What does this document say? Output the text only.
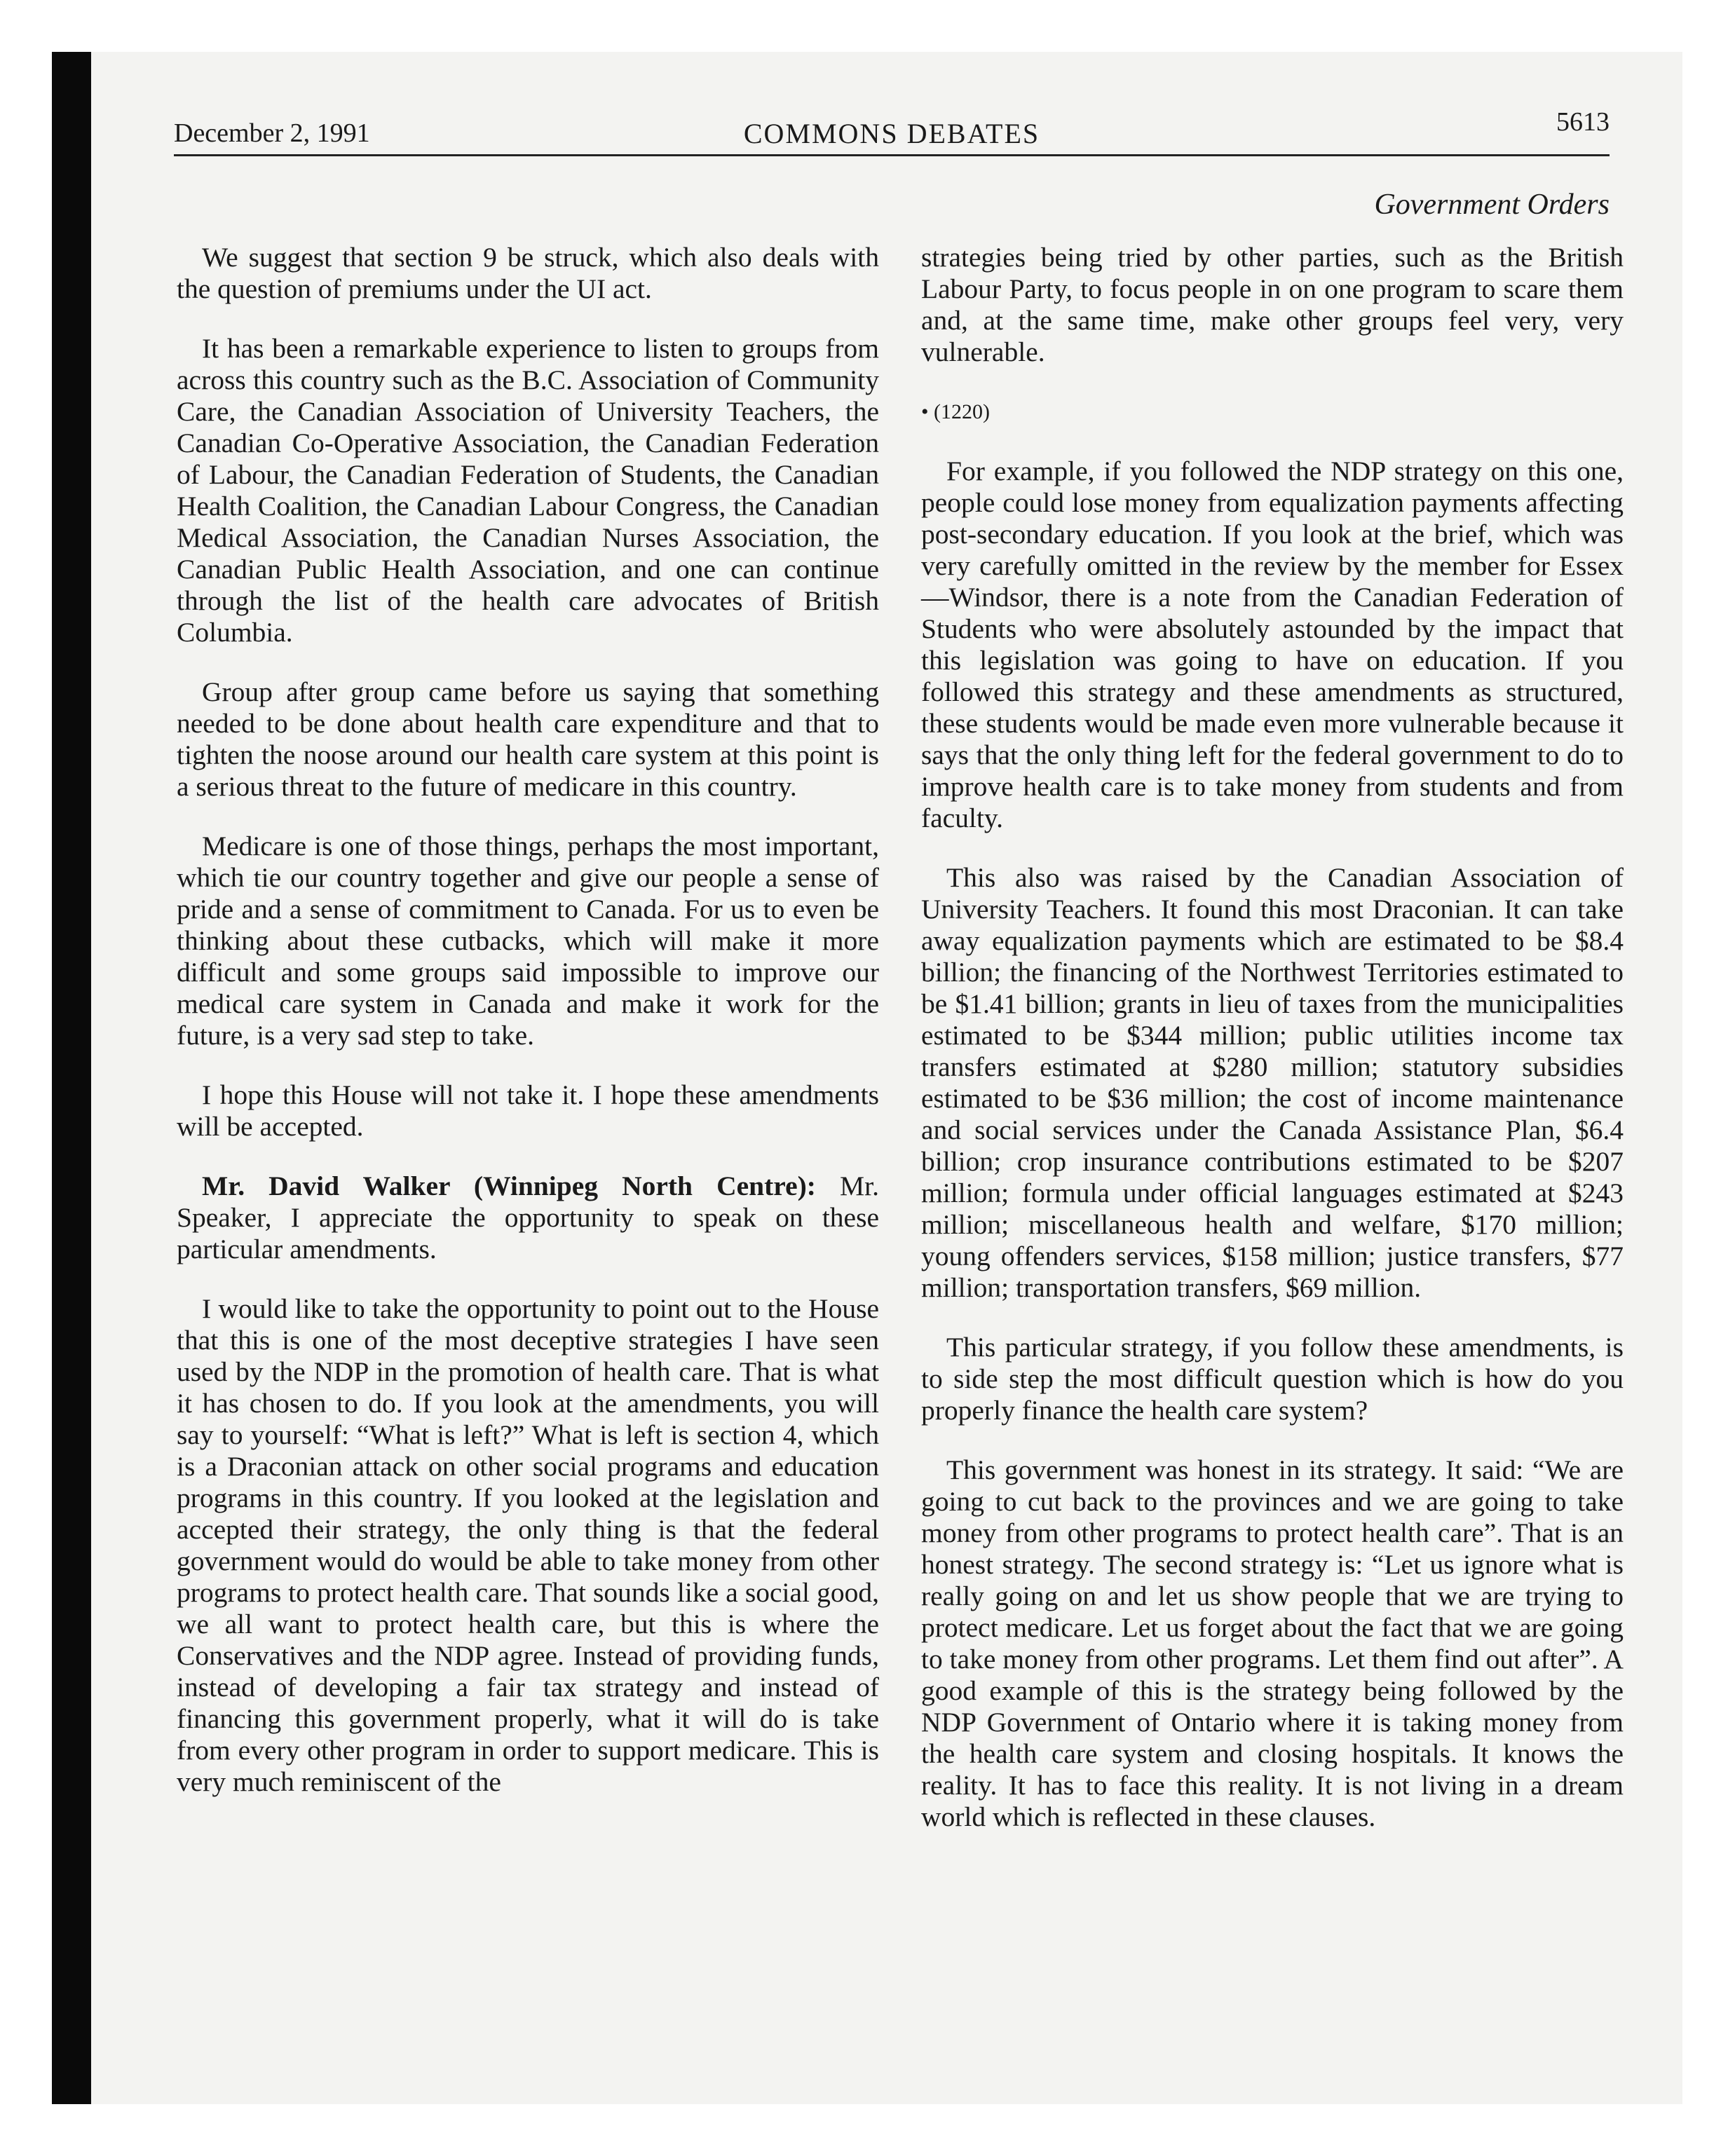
December 2, 1991	COMMONS DEBATES	5613
Government Orders

We suggest that section 9 be struck, which also deals with the question of premiums under the UI act.

It has been a remarkable experience to listen to groups from across this country such as the B.C. Association of Community Care, the Canadian Association of University Teachers, the Canadian Co-Operative Association, the Canadian Federation of Labour, the Canadian Federation of Students, the Canadian Health Coalition, the Canadian Labour Congress, the Canadian Medical Association, the Canadian Nurses Association, the Canadian Public Health Association, and one can continue through the list of the health care advocates of British Columbia.

Group after group came before us saying that something needed to be done about health care expenditure and that to tighten the noose around our health care system at this point is a serious threat to the future of medicare in this country.

Medicare is one of those things, perhaps the most important, which tie our country together and give our people a sense of pride and a sense of commitment to Canada. For us to even be thinking about these cutbacks, which will make it more difficult and some groups said impossible to improve our medical care system in Canada and make it work for the future, is a very sad step to take.

I hope this House will not take it. I hope these amendments will be accepted.

Mr. David Walker (Winnipeg North Centre): Mr. Speaker, I appreciate the opportunity to speak on these particular amendments.

I would like to take the opportunity to point out to the House that this is one of the most deceptive strategies I have seen used by the NDP in the promotion of health care. That is what it has chosen to do. If you look at the amendments, you will say to yourself: “What is left?” What is left is section 4, which is a Draconian attack on other social programs and education programs in this country. If you looked at the legislation and accepted their strategy, the only thing is that the federal government would do would be able to take money from other programs to protect health care. That sounds like a social good, we all want to protect health care, but this is where the Conservatives and the NDP agree. Instead of providing funds, instead of developing a fair tax strategy and instead of financing this government properly, what it will do is take from every other program in order to support medicare. This is very much reminiscent of the

strategies being tried by other parties, such as the British Labour Party, to focus people in on one program to scare them and, at the same time, make other groups feel very, very vulnerable.

• (1220)

For example, if you followed the NDP strategy on this one, people could lose money from equalization payments affecting post-secondary education. If you look at the brief, which was very carefully omitted in the review by the member for Essex—Windsor, there is a note from the Canadian Federation of Students who were absolutely astounded by the impact that this legislation was going to have on education. If you followed this strategy and these amendments as structured, these students would be made even more vulnerable because it says that the only thing left for the federal government to do to improve health care is to take money from students and from faculty.

This also was raised by the Canadian Association of University Teachers. It found this most Draconian. It can take away equalization payments which are estimated to be $8.4 billion; the financing of the Northwest Territories estimated to be $1.41 billion; grants in lieu of taxes from the municipalities estimated to be $344 million; public utilities income tax transfers estimated at $280 million; statutory subsidies estimated to be $36 million; the cost of income maintenance and social services under the Canada Assistance Plan, $6.4 billion; crop insurance contributions estimated to be $207 million; formula under official languages estimated at $243 million; miscellaneous health and welfare, $170 million; young offenders services, $158 million; justice transfers, $77 million; transportation transfers, $69 million.

This particular strategy, if you follow these amendments, is to side step the most difficult question which is how do you properly finance the health care system?

This government was honest in its strategy. It said: “We are going to cut back to the provinces and we are going to take money from other programs to protect health care”. That is an honest strategy. The second strategy is: “Let us ignore what is really going on and let us show people that we are trying to protect medicare. Let us forget about the fact that we are going to take money from other programs. Let them find out after”. A good example of this is the strategy being followed by the NDP Government of Ontario where it is taking money from the health care system and closing hospitals. It knows the reality. It has to face this reality. It is not living in a dream world which is reflected in these clauses.
